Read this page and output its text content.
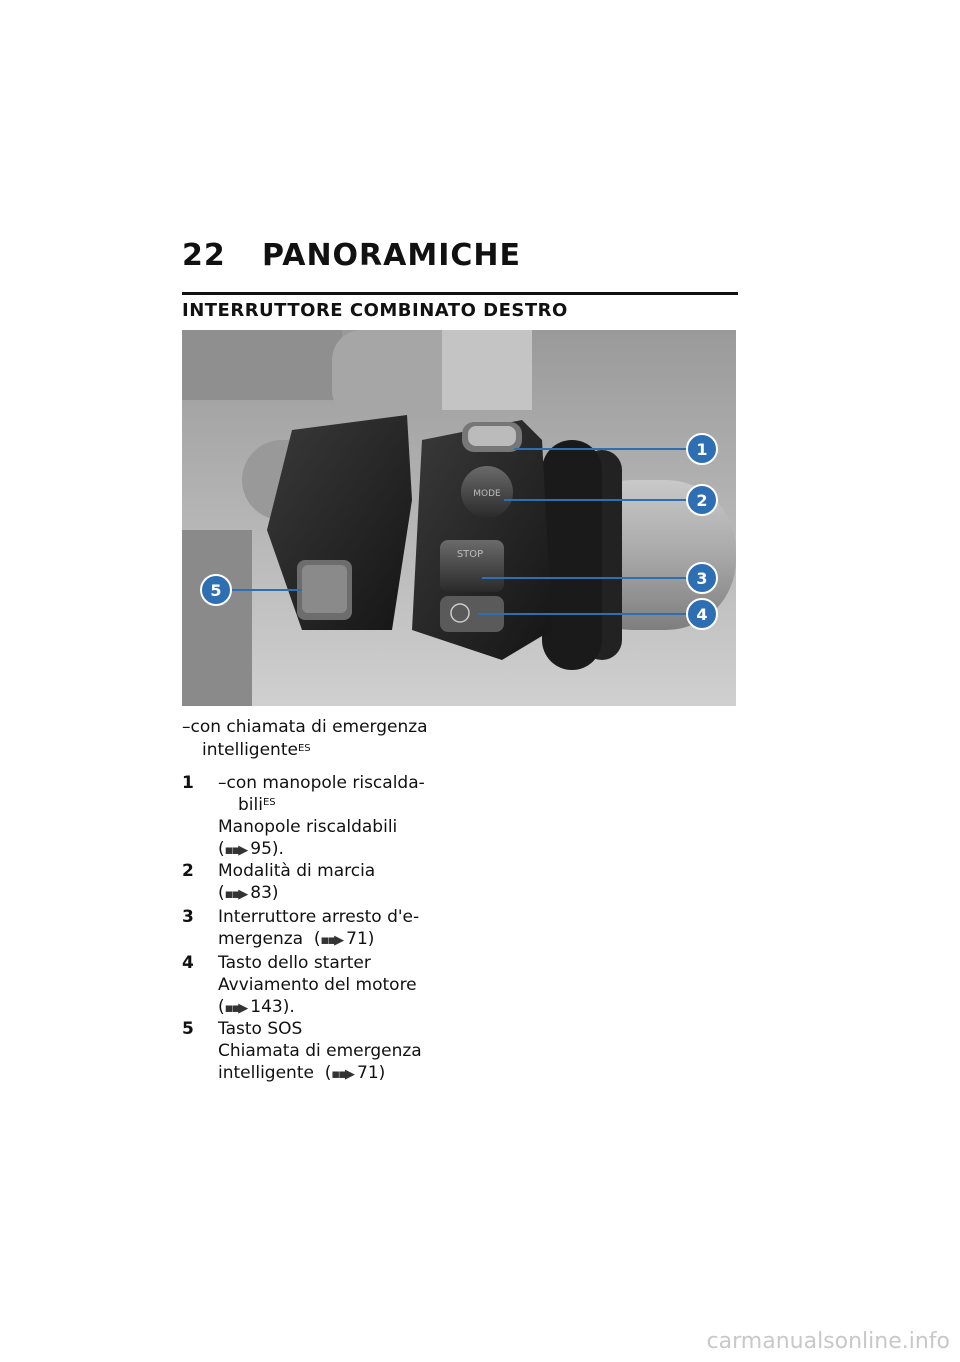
22 PANORAMICHE
INTERRUTTORE COMBINATO DESTRO
MODE
STOP
1
2
3
4
5
–con chiamata di emergenza
intelligente$^{ES}$
1	–con manopole riscalda-
bili$^{ES}$
Manopole riscaldabili
(▪▪▶ 95).
2	Modalità di marcia
(▪▪▶ 83)
3	Interruttore arresto d'e-
mergenza  (▪▪▶ 71)
4	Tasto dello starter
Avviamento del motore
(▪▪▶ 143).
5	Tasto SOS
Chiamata di emergenza
intelligente  (▪▪▶ 71)
carmanualsonline.info
